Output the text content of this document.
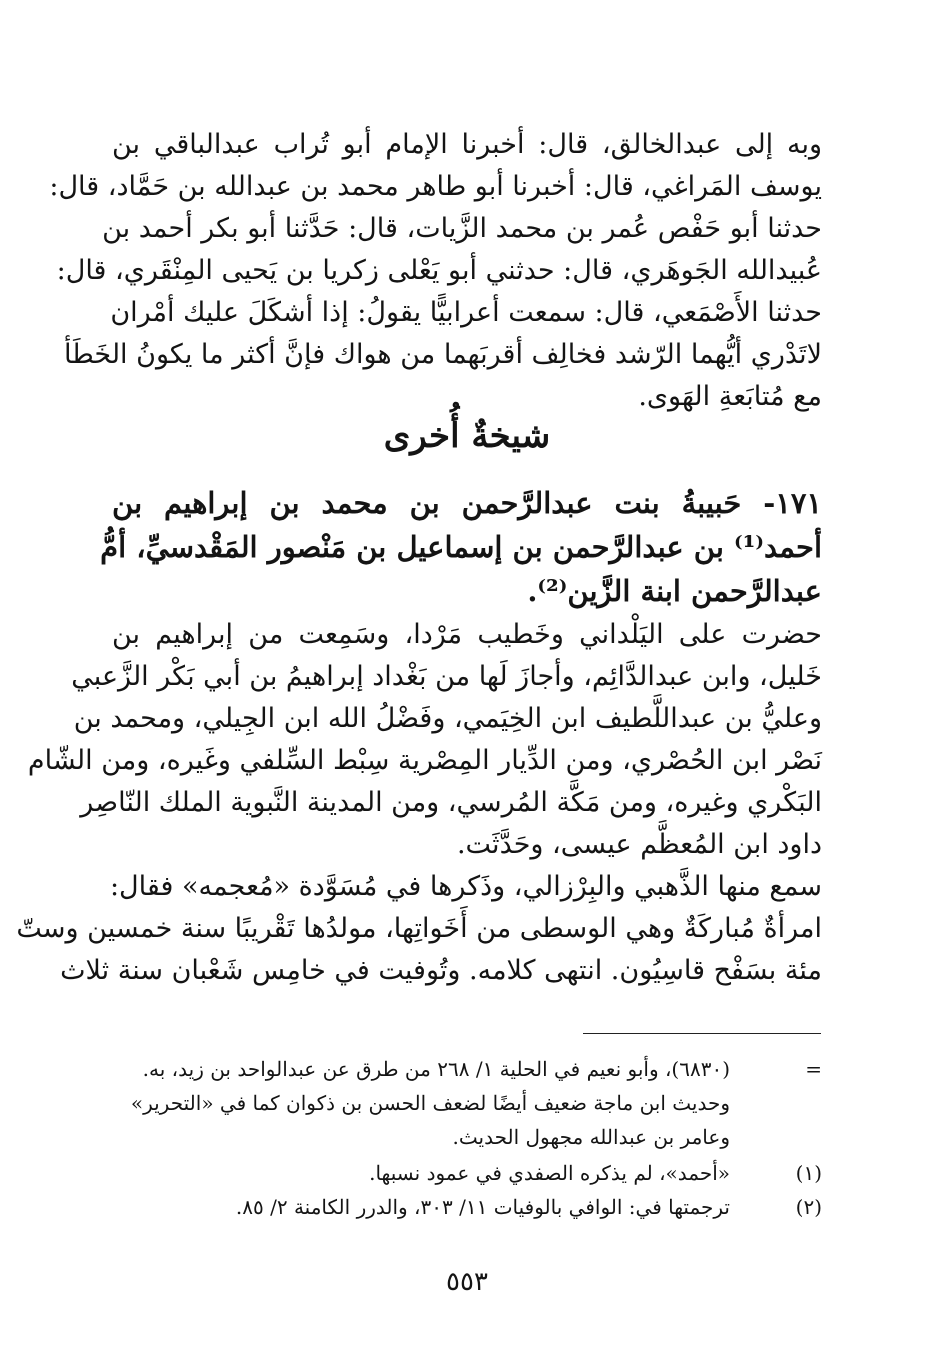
وبه إلى عبدالخالق، قال: أخبرنا الإمام أبو تُراب عبدالباقي بن
يوسف المَراغي، قال: أخبرنا أبو طاهر محمد بن عبدالله بن حَمَّاد، قال:
حدثنا أبو حَفْص عُمر بن محمد الزَّيات، قال: حَدَّثنا أبو بكر أحمد بن
عُبيدالله الجَوهَري، قال: حدثني أبو يَعْلى زكريا بن يَحيى المِنْقَري، قال:
حدثنا الأَصْمَعي، قال: سمعت أعرابيًّا يقولُ: إذا أشكَلَ عليك أمْران
لاتَدْري أيُّهما الرّشد فخالِف أقربَهما من هواك فإنَّ أكثر ما يكونُ الخَطَأ
مع مُتابَعةِ الهَوى.
شيخةٌ أُخرى
١٧١- حَبيبةُ بنت عبدالرَّحمن بن محمد بن إبراهيم بن
أحمد⁽¹⁾ بن عبدالرَّحمن بن إسماعيل بن مَنْصور المَقْدسيِّ، أمُّ
عبدالرَّحمن ابنة الزَّين⁽²⁾.
حضرت على اليَلْداني وخَطيب مَرْدا، وسَمِعت من إبراهيم بن
خَليل، وابن عبدالدَّائِم، وأجازَ لَها من بَغْداد إبراهيمُ بن أبي بَكْر الزَّعبي
وعليُّ بن عبداللَّطيف ابن الخِيَمي، وفَضْلُ الله ابن الجِيلي، ومحمد بن
نَصْر ابن الحُصْري، ومن الدِّيار المِصْرية سِبْط السِّلفي وغَيره، ومن الشّام
البَكْري وغيره، ومن مَكَّة المُرسي، ومن المدينة النَّبوية الملك النّاصِر
داود ابن المُعظَّم عيسى، وحَدَّثَت.
سمع منها الذَّهبي والبِرْزالي، وذَكرها في مُسَوَّدة «مُعجمه» فقال:
امرأةٌ مُباركَةٌ وهي الوسطى من أَخَواتِها، مولدُها تَقْريبًا سنة خمسين وستّ
مئة بسَفْح قاسِيُون. انتهى كلامه. وتُوفيت في خامِس شَعْبان سنة ثلاث
=(٦٨٣٠)، وأبو نعيم في الحلية ١/ ٢٦٨ من طرق عن عبدالواحد بن زيد، به.
وحديث ابن ماجة ضعيف أيضًا لضعف الحسن بن ذكوان كما في «التحرير»
وعامر بن عبدالله مجهول الحديث.
(١)«أحمد»، لم يذكره الصفدي في عمود نسبها.
(٢)ترجمتها في: الوافي بالوفيات ١١/ ٣٠٣، والدرر الكامنة ٢/ ٨٥.
٥٥٣
